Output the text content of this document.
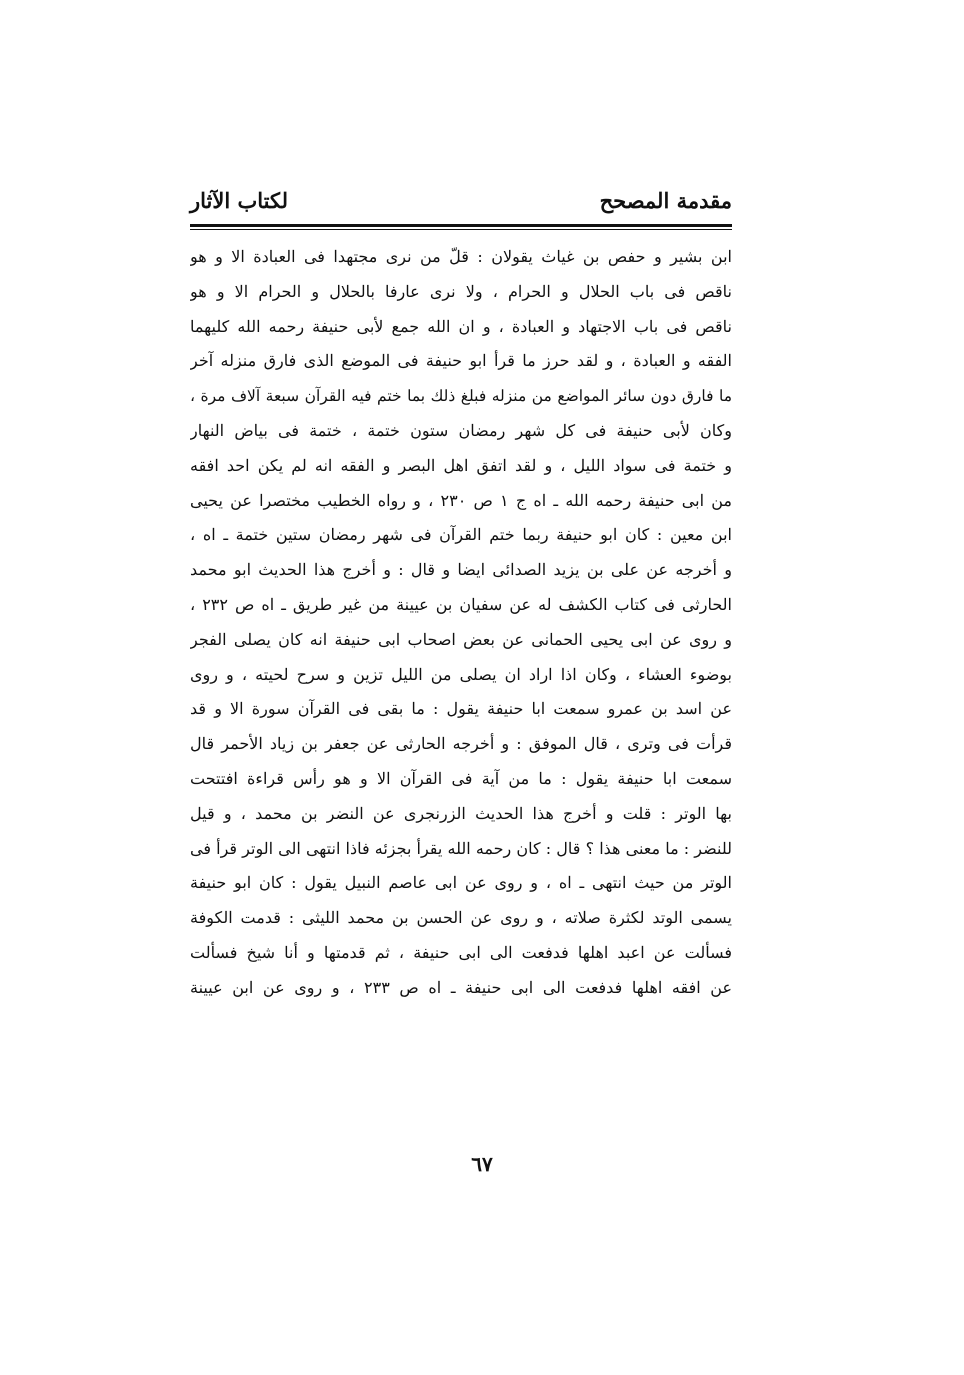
مقدمة المصحح
لكتاب الآثار
ابن بشير و حفص بن غياث يقولان : قلّ من نرى مجتهدا فى العبادة الا و هو
ناقص فى باب الحلال و الحرام ، ولا نرى عارفا بالحلال و الحرام الا و هو
ناقص فى باب الاجتهاد و العبادة ، و ان الله جمع لأبى حنيفة رحمه الله كليهما
الفقه و العبادة ، و لقد حرز ما قرأ ابو حنيفة فى الموضع الذى فارق منزله آخر
ما فارق دون سائر المواضع من منزله فبلغ ذلك بما ختم فيه القرآن سبعة آلاف مرة ،
وكان لأبى حنيفة فى كل شهر رمضان ستون ختمة ، ختمة فى بياض النهار
و ختمة فى سواد الليل ، و لقد اتفق اهل البصر و الفقه انه لم يكن احد افقه
من ابى حنيفة رحمه الله ـ اه ج ١ ص ٢٣٠ ، و رواه الخطيب مختصرا عن يحيى
ابن معين : كان ابو حنيفة ربما ختم القرآن فى شهر رمضان ستين ختمة ـ اه ،
و أخرجه عن على بن يزيد الصدائى ايضا و قال : و أخرج هذا الحديث ابو محمد
الحارثى فى كتاب الكشف له عن سفيان بن عيينة من غير طريق ـ اه ص ٢٣٢ ،
و روى عن ابى يحيى الحمانى عن بعض اصحاب ابى حنيفة انه كان يصلى الفجر
بوضوء العشاء ، وكان اذا اراد ان يصلى من الليل تزين و سرح لحيته ، و روى
عن اسد بن عمرو سمعت ابا حنيفة يقول : ما بقى فى القرآن سورة الا و قد
قرأت فى وترى ، قال الموفق : و أخرجه الحارثى عن جعفر بن زياد الأحمر قال
سمعت ابا حنيفة يقول : ما من آية فى القرآن الا و هو رأس قراءة افتتحت
بها الوتر : قلت و أخرج هذا الحديث الزرنجرى عن النضر بن محمد ، و قيل
للنضر : ما معنى هذا ؟ قال : كان رحمه الله يقرأ بجزئه فاذا انتهى الى الوتر قرأ فى
الوتر من حيث انتهى ـ اه ، و روى عن ابى عاصم النبيل يقول : كان ابو حنيفة
يسمى الوتد لكثرة صلاته ، و روى عن الحسن بن محمد الليثى : قدمت الكوفة
فسألت عن اعبد اهلها فدفعت الى ابى حنيفة ، ثم قدمتها و أنا شيخ فسألت
عن افقه اهلها فدفعت الى ابى حنيفة ـ اه ص ٢٣٣ ، و روى عن ابن عيينة
٦٧
